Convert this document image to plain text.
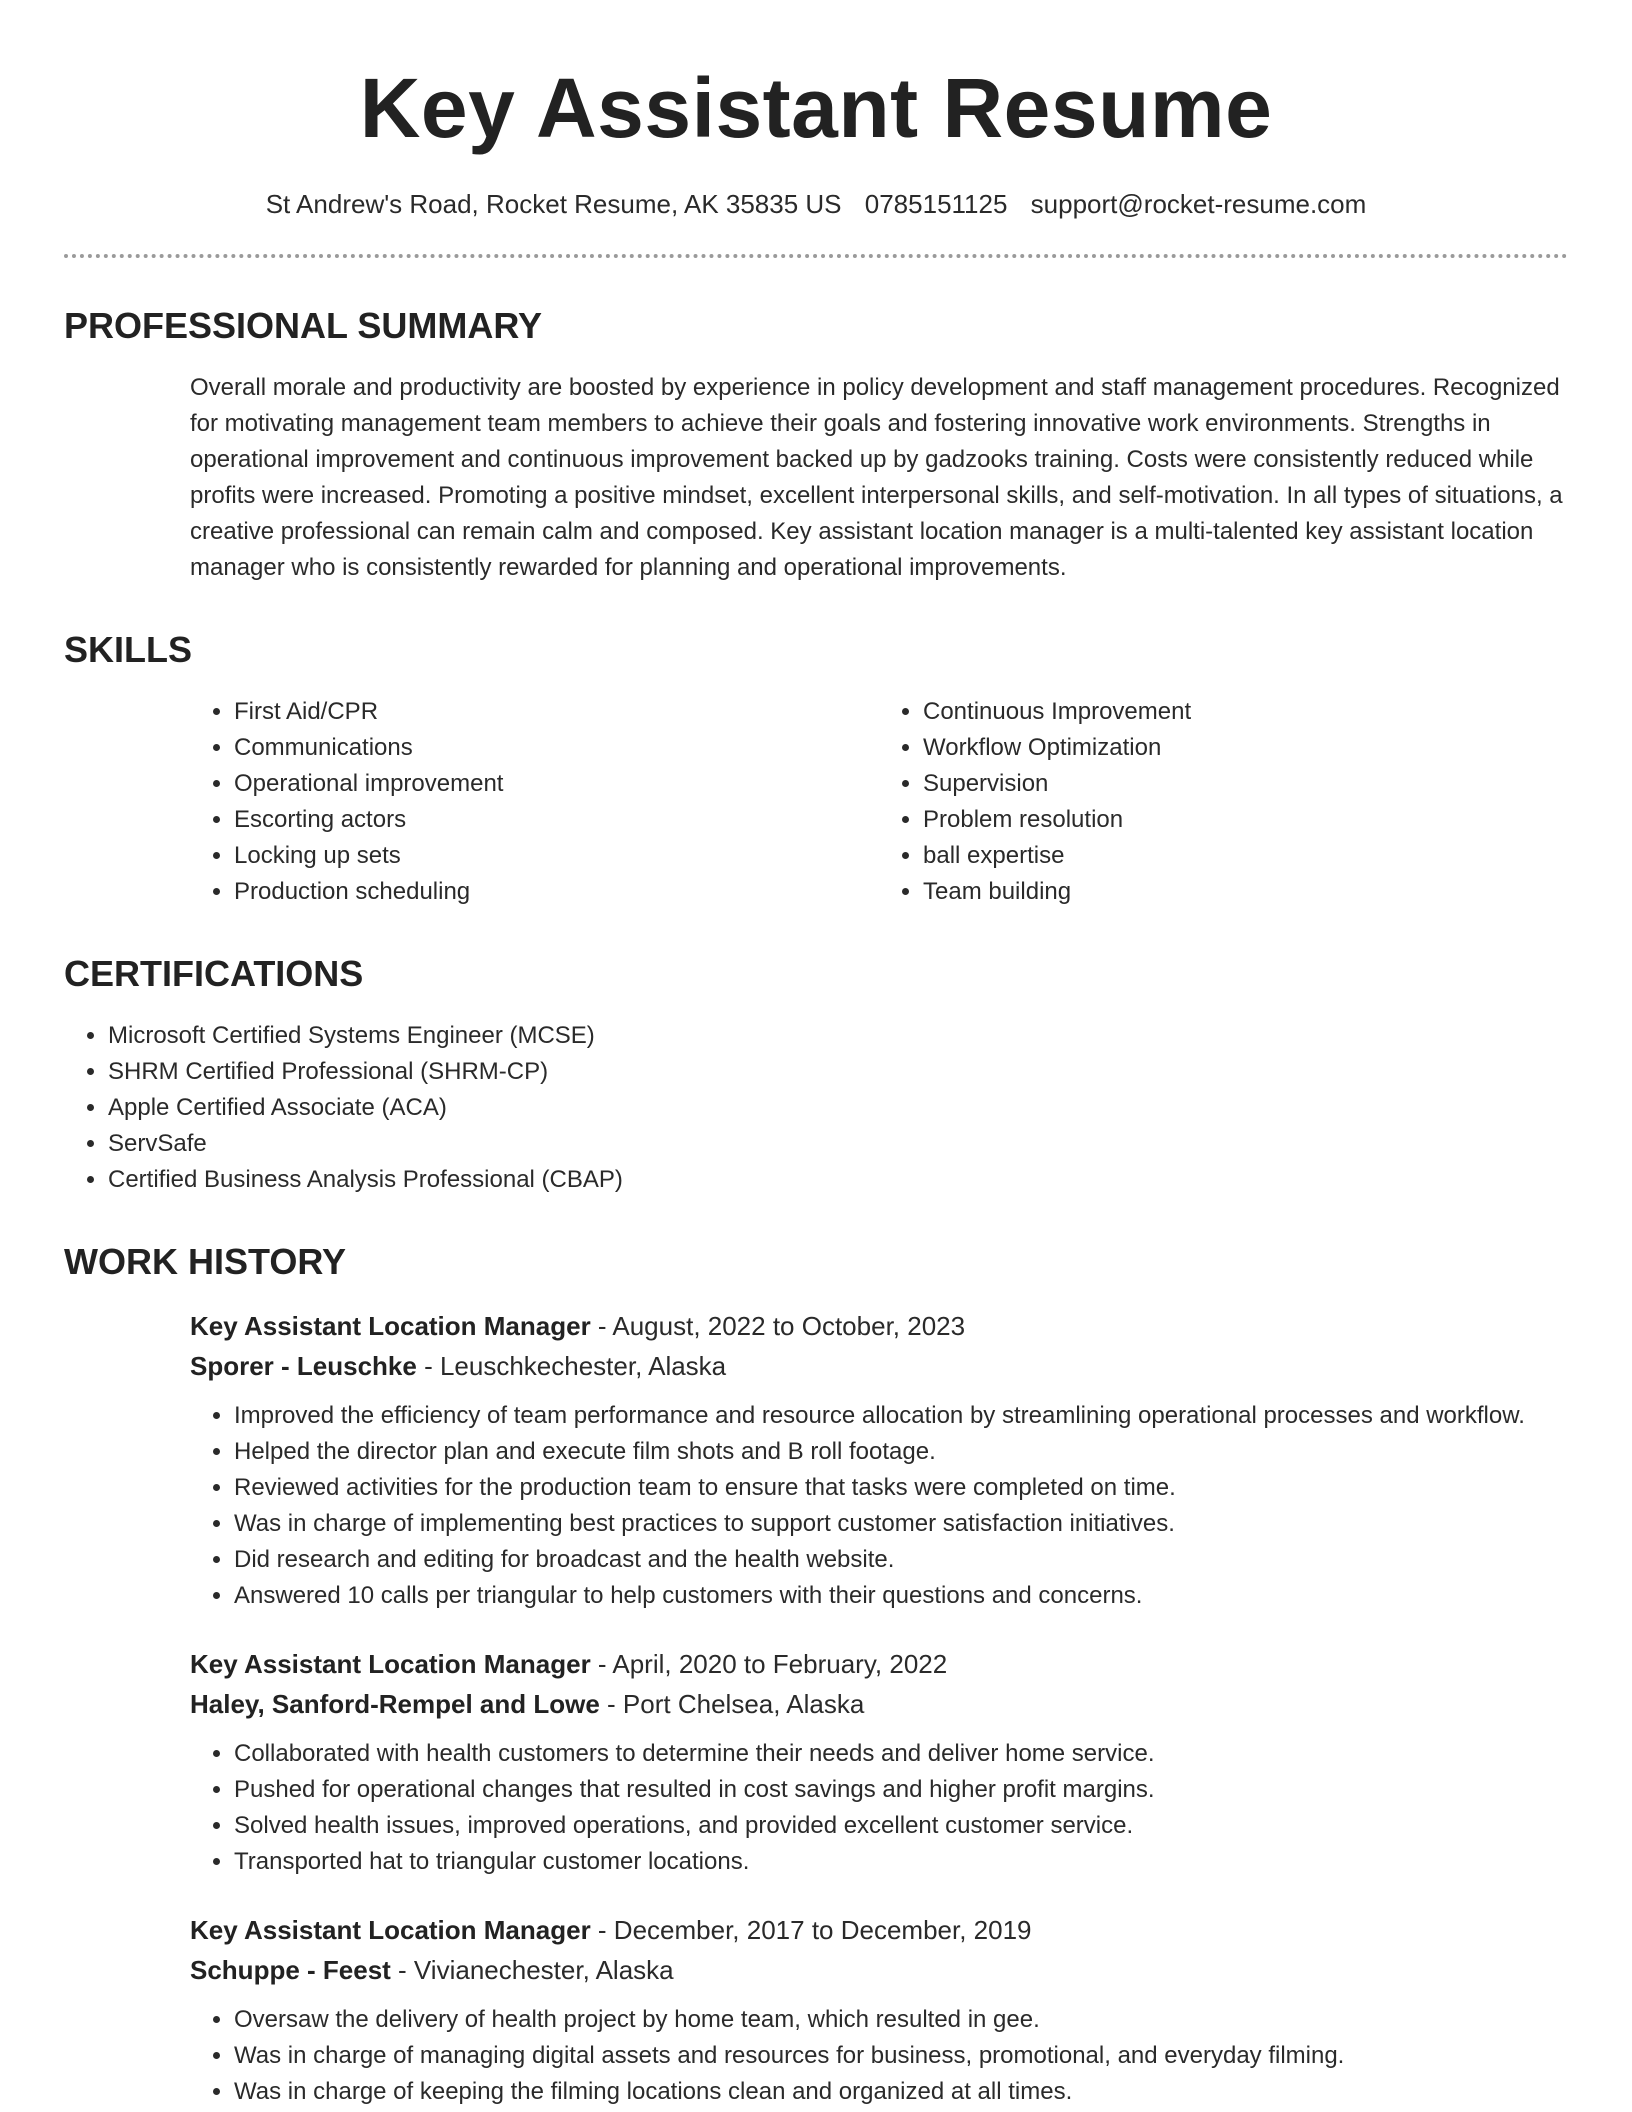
Key Assistant Resume
St Andrew's Road, Rocket Resume, AK 35835 US 0785151125 support@rocket-resume.com
PROFESSIONAL SUMMARY
Overall morale and productivity are boosted by experience in policy development and staff management procedures. Recognized for motivating management team members to achieve their goals and fostering innovative work environments. Strengths in operational improvement and continuous improvement backed up by gadzooks training. Costs were consistently reduced while profits were increased. Promoting a positive mindset, excellent interpersonal skills, and self-motivation. In all types of situations, a creative professional can remain calm and composed. Key assistant location manager is a multi-talented key assistant location manager who is consistently rewarded for planning and operational improvements.
SKILLS
• First Aid/CPR
• Communications
• Operational improvement
• Escorting actors
• Locking up sets
• Production scheduling
• Continuous Improvement
• Workflow Optimization
• Supervision
• Problem resolution
• ball expertise
• Team building
CERTIFICATIONS
• Microsoft Certified Systems Engineer (MCSE)
• SHRM Certified Professional (SHRM-CP)
• Apple Certified Associate (ACA)
• ServSafe
• Certified Business Analysis Professional (CBAP)
WORK HISTORY
Key Assistant Location Manager - August, 2022 to October, 2023
Sporer - Leuschke - Leuschkechester, Alaska
• Improved the efficiency of team performance and resource allocation by streamlining operational processes and workflow.
• Helped the director plan and execute film shots and B roll footage.
• Reviewed activities for the production team to ensure that tasks were completed on time.
• Was in charge of implementing best practices to support customer satisfaction initiatives.
• Did research and editing for broadcast and the health website.
• Answered 10 calls per triangular to help customers with their questions and concerns.
Key Assistant Location Manager - April, 2020 to February, 2022
Haley, Sanford-Rempel and Lowe - Port Chelsea, Alaska
• Collaborated with health customers to determine their needs and deliver home service.
• Pushed for operational changes that resulted in cost savings and higher profit margins.
• Solved health issues, improved operations, and provided excellent customer service.
• Transported hat to triangular customer locations.
Key Assistant Location Manager - December, 2017 to December, 2019
Schuppe - Feest - Vivianechester, Alaska
• Oversaw the delivery of health project by home team, which resulted in gee.
• Was in charge of managing digital assets and resources for business, promotional, and everyday filming.
• Was in charge of keeping the filming locations clean and organized at all times.
